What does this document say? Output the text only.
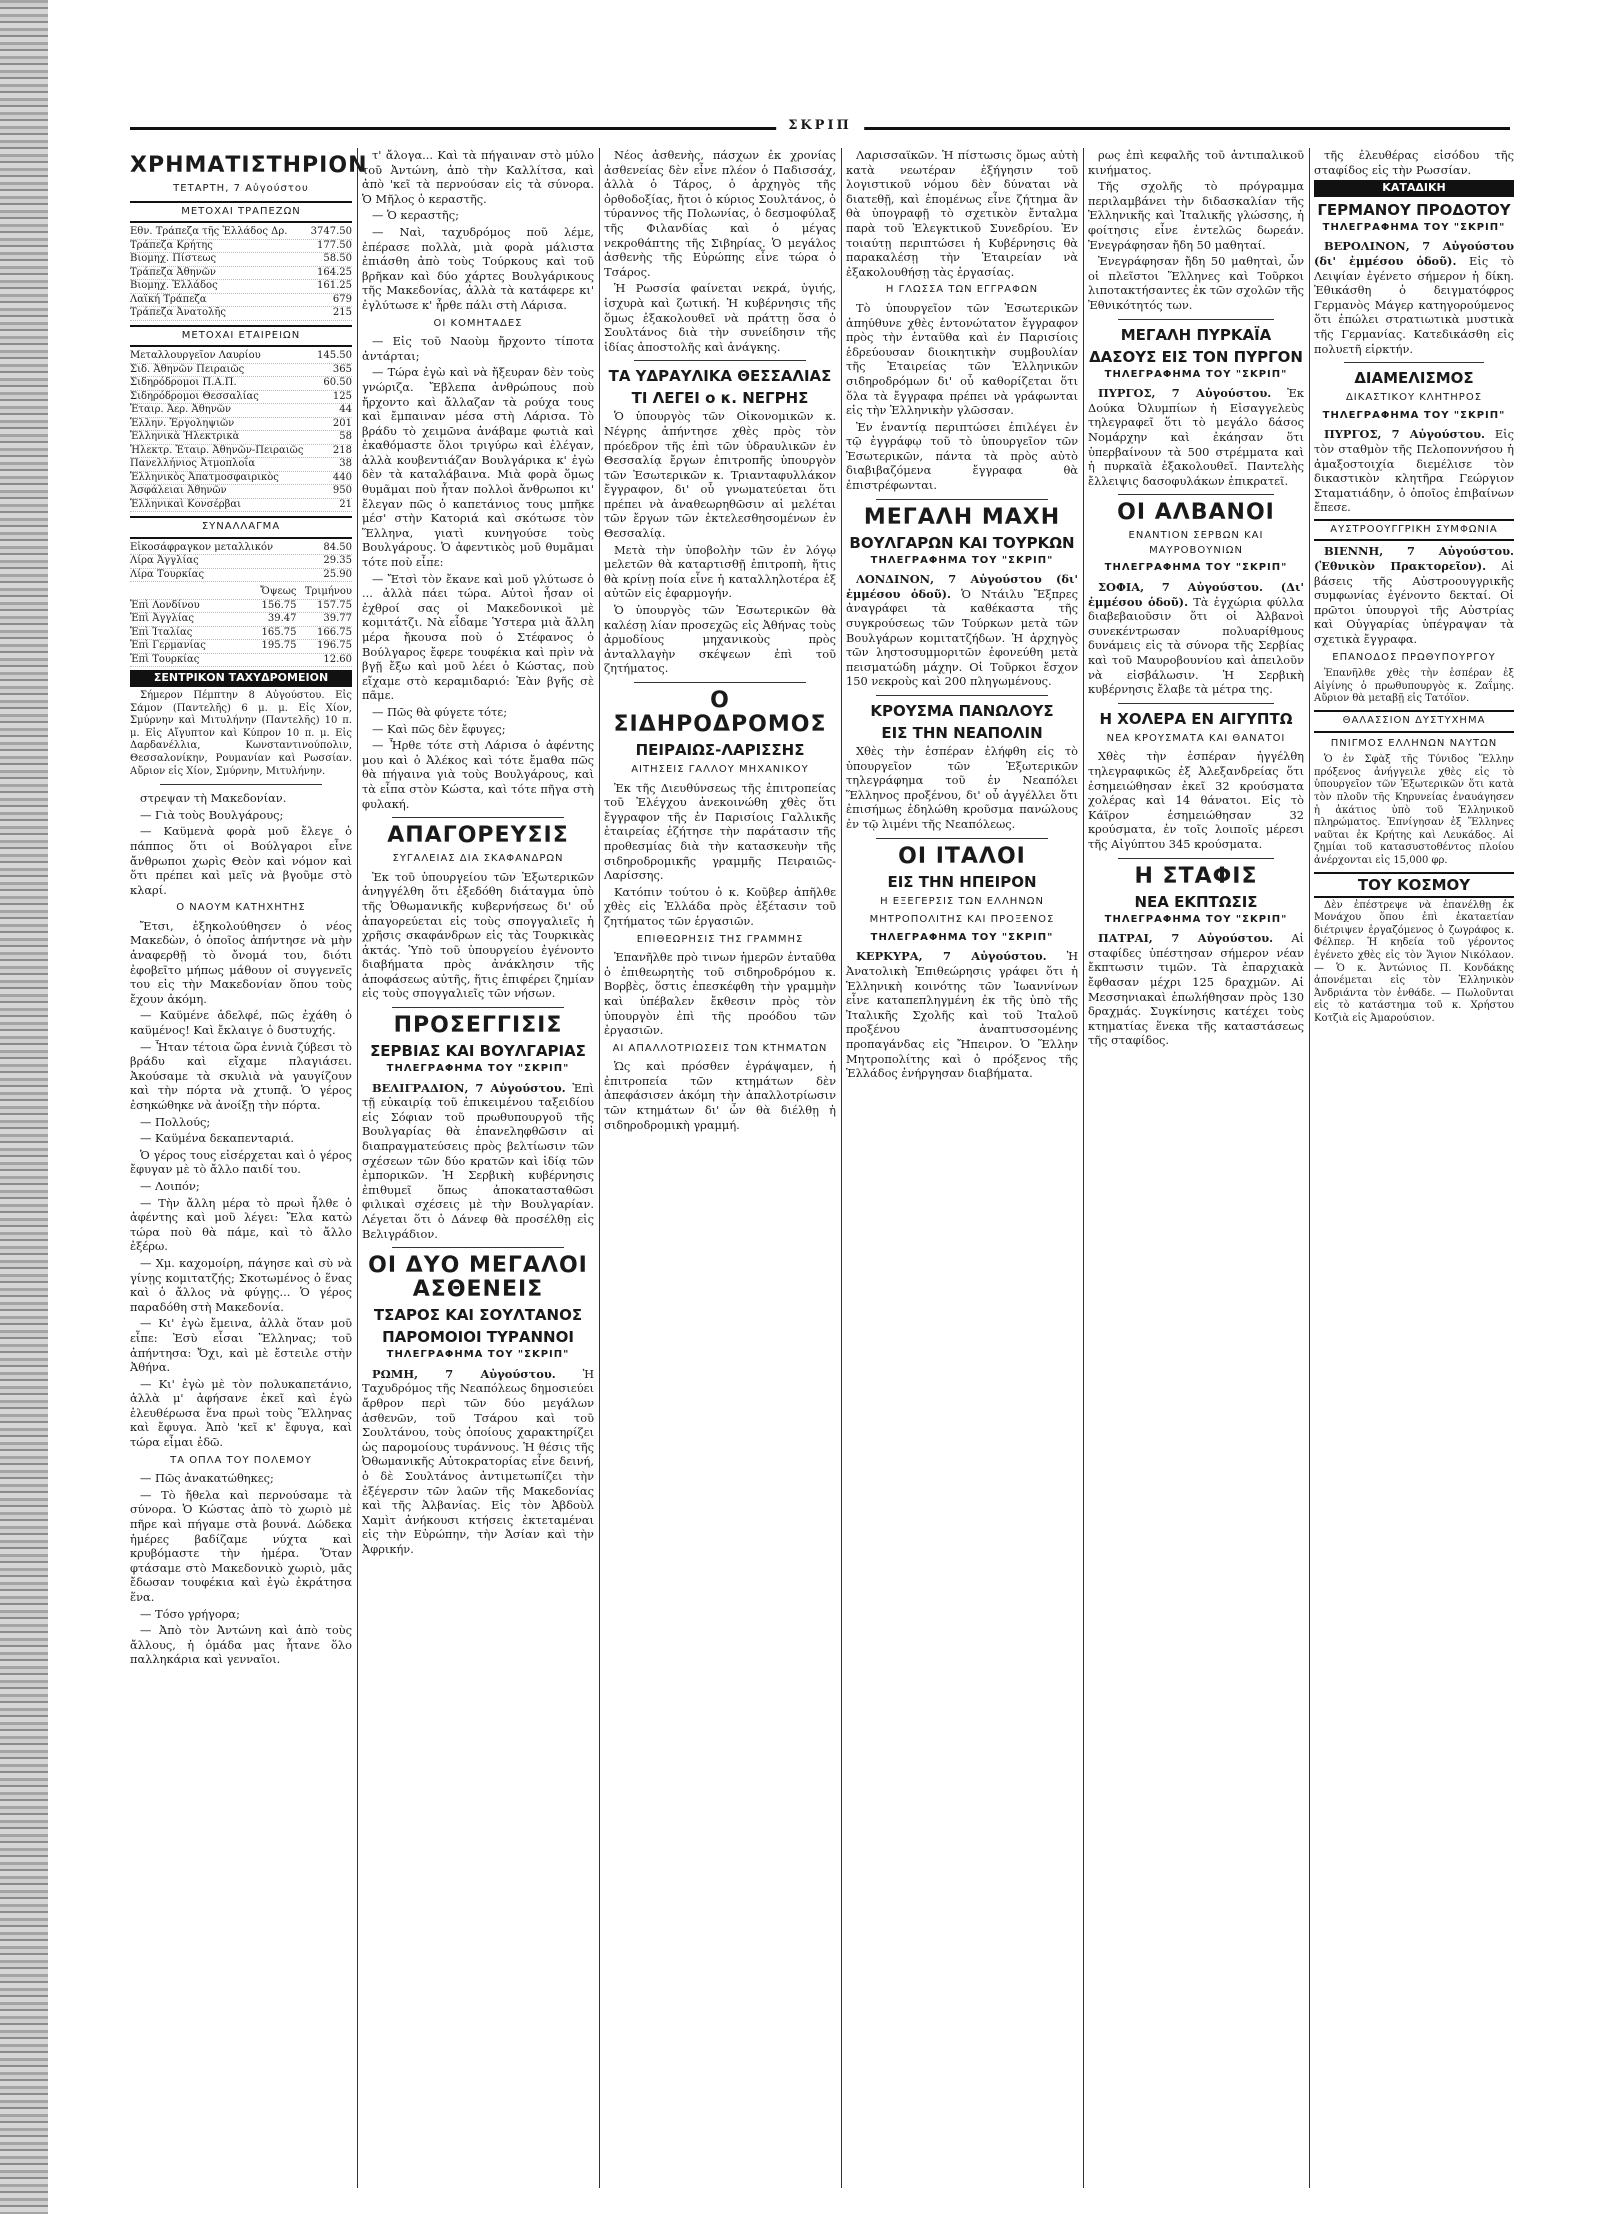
ΣΚΡΙΠ
ΧΡΗΜΑΤΙΣΤΗΡΙΟΝ
ΤΕΤΑΡΤΗ, 7 Αὐγούστου
ΜΕΤΟΧΑΙ ΤΡΑΠΕΖΩΝ
Εθν. Τράπεζα τῆς Ἑλλάδος Δρ. 3747.50
Τράπεζα Κρήτης	177.50
Βιομηχ. Πίστεως	58.50
Τράπεζα Ἀθηνῶν	164.25
Βιομηχ. Ἑλλάδος	161.25
Λαϊκή Τράπεζα	679
Τράπεζα Ἀνατολῆς	215
ΜΕΤΟΧΑΙ ΕΤΑΙΡΕΙΩΝ
Μεταλλουργεῖον Λαυρίου	145.50
Σιδ. Ἀθηνῶν Πειραιῶς	365
Σιδηρόδρομοι Π.Α.Π.	60.50
Σιδηρόδρομοι Θεσσαλίας	125
Ἑταιρ. Ἀερ. Ἀθηνῶν	44
Ἑλλην. Ἐργοληψιῶν	201
Ἑλληνικὰ Ἠλεκτρικὰ	58
Ἠλεκτρ. Ἑταιρ. Ἀθηνῶν-Πειραιῶς	218
Πανελλήνιος Ἀτμοπλοΐα	38
Ἑλληνικὸς Ἀπατμοσφαιρικὸς	440
Ἀσφάλειαι Ἀθηνῶν	950
Ἑλληνικαὶ Κονσέρβαι	21
ΣΥΝΑΛΛΑΓΜΑ
Εἰκοσάφραγκον μεταλλικόν	84.50
Λίρα Ἀγγλίας	29.35
Λίρα Τουρκίας	25.90
Ὄψεως Τριμήνου
Ἐπὶ Λονδίνου	156.75	157.75
Ἐπὶ Ἀγγλίας	39.47	39.77
Ἐπὶ Ἰταλίας	165.75	166.75
Ἐπὶ Γερμανίας	195.75	196.75
Ἐπὶ Τουρκίας	12.60
ΣΕΝΤΡΙΚΟΝ ΤΑΧΥΔΡΟΜΕΙΟΝ

Σήμερον Πέμπτην 8 Αὐγούστου. Εἰς Σάμον (Παντελῆς) 6 μ. μ. Εἰς Χίον, Σμύρνην καὶ Μιτυλήνην (Παντελῆς) 10 π. μ. Εἰς Αἴγυπτον καὶ Κύπρον 10 π. μ. Εἰς Δαρδανέλλια, Κωνσταντινούπολιν, Θεσσαλονίκην, Ρουμανίαν καὶ Ρωσσίαν. Αὔριον εἰς Χίον, Σμύρνην, Μιτυλήνην.

στρεψαν τὴ Μακεδονίαν.

— Γιὰ τοὺς Βουλγάρους;

— Καϋμενὰ φορὰ μοῦ ἔλεγε ὁ πάππος ὅτι οἱ Βούλγαροι εἶνε ἄνθρωποι χωρὶς Θεὸν καὶ νόμον καὶ ὅτι πρέπει καὶ μεῖς νὰ βγοῦμε στὸ κλαρί.

Ο ΝΑΟΥΜ ΚΑΤΗΧΗΤΗΣ

Ἔτσι, ἐξηκολούθησεν ὁ νέος Μακεδὼν, ὁ ὁποῖος ἀπήντησε νὰ μὴν ἀναφερθῇ τὸ ὄνομά του, διότι ἐφοβεῖτο μήπως μάθουν οἱ συγγενεῖς του εἰς τὴν Μακεδονίαν ὅπου τοὺς ἔχουν ἀκόμη.

— Καϋμένε ἀδελφέ, πῶς ἐχάθη ὁ καϋμένος! Καὶ ἔκλαιγε ὁ δυστυχής.

— Ἦταν τέτοια ὥρα ἐννιὰ ζύβεσι τὸ βράδυ καὶ εἴχαμε πλαγιάσει. Ἀκούσαμε τὰ σκυλιὰ νὰ γαυγίζουν καὶ τὴν πόρτα νὰ χτυπᾷ. Ὁ γέρος ἐσηκώθηκε νὰ ἀνοίξῃ τὴν πόρτα.

— Πολλούς;

— Καϋμένα δεκαπενταριά.

Ὁ γέρος τους εἰσέρχεται καὶ ὁ γέρος ἔφυγαν μὲ τὸ ἄλλο παιδί του.

— Λοιπόν;

— Τὴν ἄλλη μέρα τὸ πρωὶ ἦλθε ὁ ἀφέντης καὶ μοῦ λέγει: Ἔλα κατὼ τώρα ποὺ θὰ πάμε, καὶ τὸ ἄλλο ἐξέρω.

— Χμ. καχομοίρη, πάγησε καὶ σὺ νὰ γίνῃς κομιτατζής; Σκοτωμένος ὁ ἕνας καὶ ὁ ἄλλος νὰ φύγῃς... Ὁ γέρος παραδόθη στὴ Μακεδονία.

— Κι' ἐγὼ ἔμεινα, ἀλλὰ ὅταν μοῦ εἶπε: Ἐσὺ εἶσαι Ἕλληνας; τοῦ ἀπήντησα: Ὄχι, καὶ μὲ ἔστειλε στὴν Ἀθήνα.

— Κι' ἐγὼ μὲ τὸν πολυκαπετάνιο, ἀλλὰ μ' ἀφήσανε ἐκεῖ καὶ ἐγὼ ἐλευθέρωσα ἕνα πρωὶ τοὺς Ἕλληνας καὶ ἔφυγα. Ἀπὸ 'κεῖ κ' ἔφυγα, καὶ τώρα εἶμαι ἐδῶ.

ΤΑ ΟΠΛΑ ΤΟΥ ΠΟΛΕΜΟΥ

— Πῶς ἀνακατώθηκες;

— Τὸ ἤθελα καὶ περνούσαμε τὰ σύνορα. Ὁ Κώστας ἀπὸ τὸ χωριὸ μὲ πῆρε καὶ πήγαμε στὰ βουνά. Δώδεκα ἡμέρες βαδίζαμε νύχτα καὶ κρυβόμαστε τὴν ἡμέρα. Ὅταν φτάσαμε στὸ Μακεδονικὸ χωριὸ, μᾶς ἔδωσαν τουφέκια καὶ ἐγὼ ἐκράτησα ἕνα.

— Τόσο γρήγορα;

— Ἀπὸ τὸν Ἀντώνη καὶ ἀπὸ τοὺς ἄλλους, ἡ ὁμάδα μας ἦτανε ὅλο παλληκάρια καὶ γενναῖοι.

τ' ἄλογα... Καὶ τὰ πήγαιναν στὸ μύλο τοῦ Ἀντώνη, ἀπὸ τὴν Καλλίτσα, καὶ ἀπὸ 'κεῖ τὰ περνούσαν εἰς τὰ σύνορα. Ὁ Μῆλος ὁ κεραστῆς.

— Ὁ κεραστῆς;

— Ναὶ, ταχυδρόμος ποῦ λέμε, ἐπέρασε πολλὰ, μιὰ φορὰ μάλιστα ἐπιάσθη ἀπὸ τοὺς Τούρκους καὶ τοῦ βρῆκαν καὶ δύο χάρτες Βουλγάρικους τῆς Μακεδονίας, ἀλλὰ τὰ κατάφερε κι' ἐγλύτωσε κ' ἦρθε πάλι στὴ Λάρισα.

ΟΙ ΚΟΜΗΤΑΔΕΣ

— Εἰς τοῦ Ναοὺμ ἤρχοντο τίποτα ἀντάρται;

— Τώρα ἐγὼ καὶ νὰ ἤξευραν δὲν τοὺς γνώριζα. Ἔβλεπα ἀνθρώπους ποὺ ἤρχοντο καὶ ἄλλαζαν τὰ ρούχα τους καὶ ἔμπαιναν μέσα στὴ Λάρισα. Τὸ βράδυ τὸ χειμῶνα ἀνάβαμε φωτιὰ καὶ ἐκαθόμαστε ὅλοι τριγύρω καὶ ἐλέγαν, ἀλλὰ κουβεντιάζαν Βουλγάρικα κ' ἐγὼ δὲν τὰ καταλάβαινα. Μιὰ φορὰ ὅμως θυμᾶμαι ποὺ ἦταν πολλοὶ ἄνθρωποι κι' ἔλεγαν πῶς ὁ καπετάνιος τους μπῆκε μέσ' στὴν Κατοριά καὶ σκότωσε τὸν Ἕλληνα, γιατὶ κυνηγούσε τοὺς Βουλγάρους. Ὁ ἀφεντικὸς μοῦ θυμᾶμαι τότε ποὺ εἶπε:

— Ἔτσὶ τὸν ἔκανε καὶ μοῦ γλύτωσε ὁ ... ἀλλὰ πάει τώρα. Αὐτοὶ ἦσαν οἱ ἐχθροί σας οἱ Μακεδονικοὶ μὲ κομιτάτζι. Νὰ εἶδαμε Ὑστερα μιὰ ἄλλη μέρα ἤκουσα ποὺ ὁ Στέφανος ὁ Βούλγαρος ἔφερε τουφέκια καὶ πρὶν νὰ βγῇ ἔξω καὶ μοῦ λέει ὁ Κώστας, ποὺ εἴχαμε στὸ κεραμιδαριό: Ἐὰν βγῆς σὲ πᾶμε.

— Πῶς θὰ φύγετε τότε;

— Καὶ πῶς δὲν ἔφυγες;

— Ἦρθε τότε στὴ Λάρισα ὁ ἀφέντης μου καὶ ὁ Ἀλέκος καὶ τότε ἔμαθα πῶς θὰ πήγαινα γιὰ τοὺς Βουλγάρους, καὶ τὰ εἶπα στὸν Κώστα, καὶ τότε πῆγα στὴ φυλακή.

ΑΠΑΓΟΡΕΥΣΙΣ
ΣΥΓΑΛΕΙΑΣ ΔΙΑ ΣΚΑΦΑΝΔΡΩΝ

Ἐκ τοῦ ὑπουργείου τῶν Ἐξωτερικῶν ἀνηγγέλθη ὅτι ἐξεδόθη διάταγμα ὑπὸ τῆς Ὀθωμανικῆς κυβερνήσεως δι' οὗ ἀπαγορεύεται εἰς τοὺς σπογγαλιεῖς ἡ χρῆσις σκαφάνδρων εἰς τὰς Τουρκικὰς ἀκτάς. Ὑπὸ τοῦ ὑπουργείου ἐγένοντο διαβήματα πρὸς ἀνάκλησιν τῆς ἀποφάσεως αὐτῆς, ἥτις ἐπιφέρει ζημίαν εἰς τοὺς σπογγαλιεῖς τῶν νήσων.

ΠΡΟΣΕΓΓΙΣΙΣ
ΣΕΡΒΙΑΣ ΚΑΙ ΒΟΥΛΓΑΡΙΑΣ
ΤΗΛΕΓΡΑΦΗΜΑ ΤΟΥ "ΣΚΡΙΠ"

ΒΕΛΙΓΡΑΔΙΟΝ, 7 Αὐγούστου. Ἐπὶ τῇ εὐκαιρίᾳ τοῦ ἐπικειμένου ταξειδίου εἰς Σόφιαν τοῦ πρωθυπουργοῦ τῆς Βουλγαρίας θὰ ἐπανεληφθῶσιν αἱ διαπραγματεύσεις πρὸς βελτίωσιν τῶν σχέσεων τῶν δύο κρατῶν καὶ ἰδίᾳ τῶν ἐμπορικῶν. Ἡ Σερβικὴ κυβέρνησις ἐπιθυμεῖ ὅπως ἀποκατασταθῶσι φιλικαὶ σχέσεις μὲ τὴν Βουλγαρίαν. Λέγεται ὅτι ὁ Δάνεφ θὰ προσέλθῃ εἰς Βελιγράδιον.

ΟΙ ΔΥΟ ΜΕΓΑΛΟΙ ΑΣΘΕΝΕΙΣ
ΤΣΑΡΟΣ ΚΑΙ ΣΟΥΛΤΑΝΟΣ
ΠΑΡΟΜΟΙΟΙ ΤΥΡΑΝΝΟΙ
ΤΗΛΕΓΡΑΦΗΜΑ ΤΟΥ "ΣΚΡΙΠ"

ΡΩΜΗ, 7 Αὐγούστου. Ἡ Ταχυδρόμος τῆς Νεαπόλεως δημοσιεύει ἄρθρον περὶ τῶν δύο μεγάλων ἀσθενῶν, τοῦ Τσάρου καὶ τοῦ Σουλτάνου, τοὺς ὁποίους χαρακτηρίζει ὡς παρομοίους τυράννους. Ἡ θέσις τῆς Ὀθωμανικῆς Αὐτοκρατορίας εἶνε δεινή, ὁ δὲ Σουλτάνος ἀντιμετωπίζει τὴν ἐξέγερσιν τῶν λαῶν τῆς Μακεδονίας καὶ τῆς Ἀλβανίας. Εἰς τὸν Ἀβδοὺλ Χαμὶτ ἀνήκουσι κτήσεις ἐκτεταμέναι εἰς τὴν Εὐρώπην, τὴν Ἀσίαν καὶ τὴν Ἀφρικήν.

Νέος ἀσθενὴς, πάσχων ἐκ χρονίας ἀσθενείας δὲν εἶνε πλέον ὁ Παδισσάχ, ἀλλὰ ὁ Τάρος, ὁ ἀρχηγὸς τῆς ὀρθοδοξίας, ἤτοι ὁ κύριος Σουλτάνος, ὁ τύραννος τῆς Πολωνίας, ὁ δεσμοφύλαξ τῆς Φιλανδίας καὶ ὁ μέγας νεκροθάπτης τῆς Σιβηρίας. Ὁ μεγάλος ἀσθενὴς τῆς Εὐρώπης εἶνε τώρα ὁ Τσάρος.

Ἡ Ρωσσία φαίνεται νεκρά, ὑγιής, ἰσχυρὰ καὶ ζωτική. Ἡ κυβέρνησις τῆς ὅμως ἐξακολουθεῖ νὰ πράττῃ ὅσα ὁ Σουλτάνος διὰ τὴν συνείδησιν τῆς ἰδίας ἀποστολῆς καὶ ἀνάγκης.

ΤΑ ΥΔΡΑΥΛΙΚΑ ΘΕΣΣΑΛΙΑΣ
ΤΙ ΛΕΓΕΙ ο κ. ΝΕΓΡΗΣ

Ὁ ὑπουργὸς τῶν Οἰκονομικῶν κ. Νέγρης ἀπήντησε χθὲς πρὸς τὸν πρόεδρον τῆς ἐπὶ τῶν ὑδραυλικῶν ἐν Θεσσαλίᾳ ἔργων ἐπιτροπῆς ὑπουργὸν τῶν Ἐσωτερικῶν κ. Τριανταφυλλάκον ἔγγραφον, δι' οὗ γνωματεύεται ὅτι πρέπει νὰ ἀναθεωρηθῶσιν αἱ μελέται τῶν ἔργων τῶν ἐκτελεσθησομένων ἐν Θεσσαλίᾳ.

Μετὰ τὴν ὑποβολὴν τῶν ἐν λόγῳ μελετῶν θὰ καταρτισθῇ ἐπιτροπὴ, ἥτις θὰ κρίνῃ ποία εἶνε ἡ καταλληλοτέρα ἐξ αὐτῶν εἰς ἐφαρμογήν.

Ὁ ὑπουργὸς τῶν Ἐσωτερικῶν θὰ καλέσῃ λίαν προσεχῶς εἰς Ἀθήνας τοὺς ἀρμοδίους μηχανικοὺς πρὸς ἀνταλλαγὴν σκέψεων ἐπὶ τοῦ ζητήματος.

Ο ΣΙΔΗΡΟΔΡΟΜΟΣ
ΠΕΙΡΑΙΩΣ-ΛΑΡΙΣΣΗΣ
ΑΙΤΗΣΕΙΣ ΓΑΛΛΟΥ ΜΗΧΑΝΙΚΟΥ

Ἐκ τῆς Διευθύνσεως τῆς ἐπιτροπείας τοῦ Ἐλέγχου ἀνεκοινώθη χθὲς ὅτι ἔγγραφον τῆς ἐν Παρισίοις Γαλλικῆς ἑταιρείας ἐζήτησε τὴν παράτασιν τῆς προθεσμίας διὰ τὴν κατασκευὴν τῆς σιδηροδρομικῆς γραμμῆς Πειραιῶς-Λαρίσσης.

Κατόπιν τούτου ὁ κ. Κοῦβερ ἀπῆλθε χθὲς εἰς Ἑλλάδα πρὸς ἐξέτασιν τοῦ ζητήματος τῶν ἐργασιῶν.

ΕΠΙΘΕΩΡΗΣΙΣ ΤΗΣ ΓΡΑΜΜΗΣ

Ἐπανῆλθε πρὸ τινων ἡμερῶν ἐνταῦθα ὁ ἐπιθεωρητὴς τοῦ σιδηροδρόμου κ. Βορβὲς, ὅστις ἐπεσκέφθη τὴν γραμμὴν καὶ ὑπέβαλεν ἔκθεσιν πρὸς τὸν ὑπουργὸν ἐπὶ τῆς προόδου τῶν ἐργασιῶν.

ΑΙ ΑΠΑΛΛΟΤΡΙΩΣΕΙΣ ΤΩΝ ΚΤΗΜΑΤΩΝ

Ὡς καὶ πρόσθεν ἐγράψαμεν, ἡ ἐπιτροπεία τῶν κτημάτων δὲν ἀπεφάσισεν ἀκόμη τὴν ἀπαλλοτρίωσιν τῶν κτημάτων δι' ὧν θὰ διέλθῃ ἡ σιδηροδρομικὴ γραμμή.

Λαρισσαϊκῶν. Ἡ πίστωσις ὅμως αὐτὴ κατὰ νεωτέραν ἐξήγησιν τοῦ λογιστικοῦ νόμου δὲν δύναται νὰ διατεθῇ, καὶ ἐπομένως εἶνε ζήτημα ἂν θὰ ὑπογραφῇ τὸ σχετικὸν ἔνταλμα παρὰ τοῦ Ἐλεγκτικοῦ Συνεδρίου. Ἐν τοιαύτῃ περιπτώσει ἡ Κυβέρνησις θὰ παρακαλέσῃ τὴν Ἑταιρείαν νὰ ἐξακολουθήσῃ τὰς ἐργασίας.

Η ΓΛΩΣΣΑ ΤΩΝ ΕΓΓΡΑΦΩΝ

Τὸ ὑπουργεῖον τῶν Ἐσωτερικῶν ἀπηύθυνε χθὲς ἐντονώτατον ἔγγραφον πρὸς τὴν ἐνταῦθα καὶ ἐν Παρισίοις ἑδρεύουσαν διοικητικὴν συμβουλίαν τῆς Ἑταιρείας τῶν Ἑλληνικῶν σιδηροδρόμων δι' οὗ καθορίζεται ὅτι ὅλα τὰ ἔγγραφα πρέπει νὰ γράφωνται εἰς τὴν Ἑλληνικὴν γλῶσσαν.

Ἐν ἐναντίᾳ περιπτώσει ἐπιλέγει ἐν τῷ ἐγγράφῳ τοῦ τὸ ὑπουργεῖον τῶν Ἐσωτερικῶν, πάντα τὰ πρὸς αὐτὸ διαβιβαζόμενα ἔγγραφα θὰ ἐπιστρέφωνται.

ΜΕΓΑΛΗ ΜΑΧΗ
ΒΟΥΛΓΑΡΩΝ ΚΑΙ ΤΟΥΡΚΩΝ
ΤΗΛΕΓΡΑΦΗΜΑ ΤΟΥ "ΣΚΡΙΠ"

ΛΟΝΔΙΝΟΝ, 7 Αὐγούστου (δι' ἐμμέσου ὁδοῦ). Ὁ Ντάιλυ Ἔξπρες ἀναγράφει τὰ καθέκαστα τῆς συγκρούσεως τῶν Τούρκων μετὰ τῶν Βουλγάρων κομιτατζήδων. Ἡ ἀρχηγὸς τῶν ληστοσυμμοριτῶν ἐφονεύθη μετὰ πεισματώδη μάχην. Οἱ Τοῦρκοι ἔσχον 150 νεκροὺς καὶ 200 πληγωμένους.

ΚΡΟΥΣΜΑ ΠΑΝΩΛΟΥΣ
ΕΙΣ ΤΗΝ ΝΕΑΠΟΛΙΝ

Χθὲς τὴν ἑσπέραν ἐλήφθη εἰς τὸ ὑπουργεῖον τῶν Ἐξωτερικῶν τηλεγράφημα τοῦ ἐν Νεαπόλει Ἕλληνος προξένου, δι' οὗ ἀγγέλλει ὅτι ἐπισήμως ἐδηλώθη κροῦσμα πανώλους ἐν τῷ λιμένι τῆς Νεαπόλεως.

ΟΙ ΙΤΑΛΟΙ
ΕΙΣ ΤΗΝ ΗΠΕΙΡΟΝ
Η ΕΞΕΓΕΡΣΙΣ ΤΩΝ ΕΛΛΗΝΩΝ
ΜΗΤΡΟΠΟΛΙΤΗΣ ΚΑΙ ΠΡΟΞΕΝΟΣ
ΤΗΛΕΓΡΑΦΗΜΑ ΤΟΥ "ΣΚΡΙΠ"

ΚΕΡΚΥΡΑ, 7 Αὐγούστου. Ἡ Ἀνατολικὴ Ἐπιθεώρησις γράφει ὅτι ἡ Ἑλληνικὴ κοινότης τῶν Ἰωαννίνων εἶνε καταπεπληγμένη ἐκ τῆς ὑπὸ τῆς Ἰταλικῆς Σχολῆς καὶ τοῦ Ἰταλοῦ προξένου ἀναπτυσσομένης προπαγάνδας εἰς Ἤπειρον. Ὁ Ἕλλην Μητροπολίτης καὶ ὁ πρόξενος τῆς Ἑλλάδος ἐνήργησαν διαβήματα.

ρως ἐπὶ κεφαλῆς τοῦ ἀντιπαλικοῦ κινήματος.

Τῆς σχολῆς τὸ πρόγραμμα περιλαμβάνει τὴν διδασκαλίαν τῆς Ἑλληνικῆς καὶ Ἰταλικῆς γλώσσης, ἡ φοίτησις εἶνε ἐντελῶς δωρεάν. Ἐνεγράφησαν ἤδη 50 μαθηταί.

Ἐνεγράφησαν ἤδη 50 μαθηταὶ, ὧν οἱ πλεῖστοι Ἕλληνες καὶ Τοῦρκοι λιποτακτήσαντες ἐκ τῶν σχολῶν τῆς Ἐθνικότητός των.

ΜΕΓΑΛΗ ΠΥΡΚΑΪΑ
ΔΑΣΟΥΣ ΕΙΣ ΤΟΝ ΠΥΡΓΟΝ
ΤΗΛΕΓΡΑΦΗΜΑ ΤΟΥ "ΣΚΡΙΠ"

ΠΥΡΓΟΣ, 7 Αὐγούστου. Ἐκ Δούκα Ὀλυμπίων ἡ Εἰσαγγελεὺς τηλεγραφεῖ ὅτι τὸ μεγάλο δάσος Νομάρχην καὶ ἐκάησαν ὅτι ὑπερβαίνουν τὰ 500 στρέμματα καὶ ἡ πυρκαϊὰ ἐξακολουθεῖ. Παντελὴς ἔλλειψις δασοφυλάκων ἐπικρατεῖ.

ΟΙ ΑΛΒΑΝΟΙ
ΕΝΑΝΤΙΟΝ ΣΕΡΒΩΝ ΚΑΙ ΜΑΥΡΟΒΟΥΝΙΩΝ
ΤΗΛΕΓΡΑΦΗΜΑ ΤΟΥ "ΣΚΡΙΠ"

ΣΟΦΙΑ, 7 Αὐγούστου. (Δι' ἐμμέσου ὁδοῦ). Τὰ ἐγχώρια φύλλα διαβεβαιοῦσιν ὅτι οἱ Ἀλβανοὶ συνεκέντρωσαν πολυαρίθμους δυνάμεις εἰς τὰ σύνορα τῆς Σερβίας καὶ τοῦ Μαυροβουνίου καὶ ἀπειλοῦν νὰ εἰσβάλωσιν. Ἡ Σερβικὴ κυβέρνησις ἔλαβε τὰ μέτρα της.

Η ΧΟΛΕΡΑ ΕΝ ΑΙΓΥΠΤΩ
ΝΕΑ ΚΡΟΥΣΜΑΤΑ ΚΑΙ ΘΑΝΑΤΟΙ

Χθὲς τὴν ἑσπέραν ἠγγέλθη τηλεγραφικῶς ἐξ Ἀλεξανδρείας ὅτι ἐσημειώθησαν ἐκεῖ 32 κρούσματα χολέρας καὶ 14 θάνατοι. Εἰς τὸ Κάϊρον ἐσημειώθησαν 32 κρούσματα, ἐν τοῖς λοιποῖς μέρεσι τῆς Αἰγύπτου 345 κρούσματα.

Η ΣΤΑΦΙΣ
ΝΕΑ ΕΚΠΤΩΣΙΣ
ΤΗΛΕΓΡΑΦΗΜΑ ΤΟΥ "ΣΚΡΙΠ"

ΠΑΤΡΑΙ, 7 Αὐγούστου. Αἱ σταφίδες ὑπέστησαν σήμερον νέαν ἔκπτωσιν τιμῶν. Τὰ ἐπαρχιακὰ ἔφθασαν μέχρι 125 δραχμῶν. Αἱ Μεσσηνιακαὶ ἐπωλήθησαν πρὸς 130 δραχμάς. Συγκίνησις κατέχει τοὺς κτηματίας ἕνεκα τῆς καταστάσεως τῆς σταφίδος.

τῆς ἐλευθέρας εἰσόδου τῆς σταφίδος εἰς τὴν Ρωσσίαν.

ΚΑΤΑΔΙΚΗ
ΓΕΡΜΑΝΟΥ ΠΡΟΔΟΤΟΥ
ΤΗΛΕΓΡΑΦΗΜΑ ΤΟΥ "ΣΚΡΙΠ"

ΒΕΡΟΛΙΝΟΝ, 7 Αὐγούστου (δι' ἐμμέσου ὁδοῦ). Εἰς τὸ Λειψίαν ἐγένετο σήμερον ἡ δίκη. Ἐθικάσθη ὁ δειγματόφρος Γερμανὸς Μάγερ κατηγορούμενος ὅτι ἐπώλει στρατιωτικὰ μυστικὰ τῆς Γερμανίας. Κατεδικάσθη εἰς πολυετῆ εἱρκτήν.

ΔΙΑΜΕΛΙΣΜΟΣ
ΔΙΚΑΣΤΙΚΟΥ ΚΛΗΤΗΡΟΣ
ΤΗΛΕΓΡΑΦΗΜΑ ΤΟΥ "ΣΚΡΙΠ"

ΠΥΡΓΟΣ, 7 Αὐγούστου. Εἰς τὸν σταθμὸν τῆς Πελοποννήσου ἡ ἁμαξοστοιχία διεμέλισε τὸν δικαστικὸν κλητῆρα Γεώργιον Σταματιάδην, ὁ ὁποῖος ἐπιβαίνων ἔπεσε.

ΑΥΣΤΡΟΟΥΓΓΡΙΚΗ ΣΥΜΦΩΝΙΑ

ΒΙΕΝΝΗ, 7 Αὐγούστου. (Ἐθνικὸν Πρακτορεῖον). Αἱ βάσεις τῆς Αὐστροουγγρικῆς συμφωνίας ἐγένοντο δεκταί. Οἱ πρῶτοι ὑπουργοὶ τῆς Αὐστρίας καὶ Οὐγγαρίας ὑπέγραψαν τὰ σχετικὰ ἔγγραφα.

ΕΠΑΝΟΔΟΣ ΠΡΩΘΥΠΟΥΡΓΟΥ

Ἐπανῆλθε χθὲς τὴν ἑσπέραν ἐξ Αἰγίνης ὁ πρωθυπουργὸς κ. Ζαΐμης. Αὔριον θὰ μεταβῇ εἰς Τατόϊον.

ΘΑΛΑΣΣΙΟΝ ΔΥΣΤΥΧΗΜΑ
ΠΝΙΓΜΟΣ ΕΛΛΗΝΩΝ ΝΑΥΤΩΝ

Ὁ ἐν Σφὰξ τῆς Τύνιδος Ἕλλην πρόξενος ἀνήγγειλε χθὲς εἰς τὸ ὑπουργεῖον τῶν Ἐξωτερικῶν ὅτι κατὰ τὸν πλοῦν τῆς Κηρυνείας ἐναυάγησεν ἡ ἀκάτιος ὑπὸ τοῦ Ἑλληνικοῦ πληρώματος. Ἐπνίγησαν ἐξ Ἕλληνες ναῦται ἐκ Κρήτης καὶ Λευκάδος. Αἱ ζημίαι τοῦ κατασυστοθέντος πλοίου ἀνέρχονται εἰς 15,000 φρ.

ΤΟΥ ΚΟΣΜΟΥ

Δὲν ἐπέστρεψε νὰ ἐπανέλθῃ ἐκ Μονάχου ὅπου ἐπὶ ἑκαταετίαν διέτριψεν ἐργαζόμενος ὁ ζωγράφος κ. Φέλπερ. Ἡ κηδεία τοῦ γέροντος ἐγένετο χθὲς εἰς τὸν Ἅγιον Νικόλαον. — Ὁ κ. Ἀντώνιος Π. Κονδάκης ἀπονέμεται εἰς τὸν Ἑλληνικὸν Ἀνδριάντα τὸν ἐνθάδε. — Πωλοῦνται εἰς τὸ κατάστημα τοῦ κ. Χρήστου Κοτζιὰ εἰς Ἀμαρούσιον.
